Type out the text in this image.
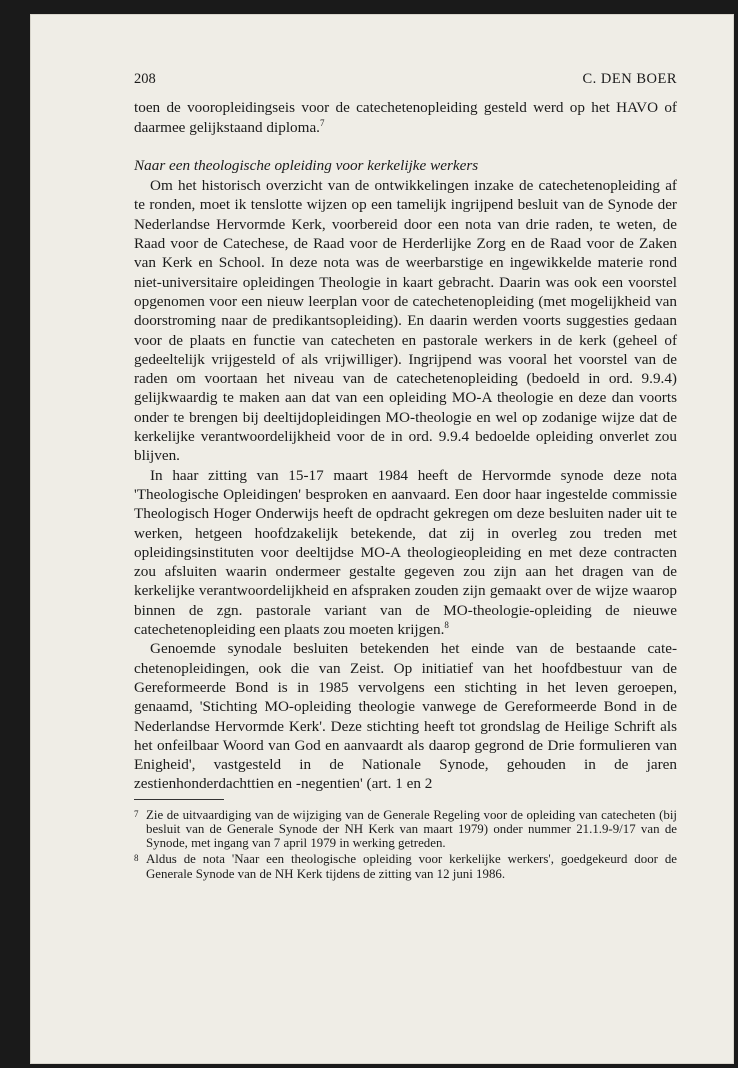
208	C. DEN BOER

toen de vooropleidingseis voor de catechetenopleiding gesteld werd op het HAVO of daarmee gelijkstaand diploma.$^7$

Naar een theologische opleiding voor kerkelijke werkers

Om het historisch overzicht van de ontwikkelingen inzake de catechetenopleiding af te ronden, moet ik tenslotte wijzen op een tamelijk ingrijpend besluit van de Synode der Nederlandse Hervormde Kerk, voorbereid door een nota van drie raden, te weten, de Raad voor de Catechese, de Raad voor de Herderlijke Zorg en de Raad voor de Zaken van Kerk en School. In deze nota was de weerbarstige en ingewikkelde materie rond niet-universitaire opleidingen Theologie in kaart gebracht. Daarin was ook een voorstel opgenomen voor een nieuw leerplan voor de catechetenopleiding (met mogelijkheid van doorstroming naar de predikantsopleiding). En daarin werden voorts suggesties gedaan voor de plaats en functie van catecheten en pastorale werkers in de kerk (geheel of gedeeltelijk vrijgesteld of als vrijwilliger). Ingrijpend was vooral het voorstel van de raden om voortaan het niveau van de catechetenopleiding (bedoeld in ord. 9.9.4) gelijkwaardig te maken aan dat van een opleiding MO-A theologie en deze dan voorts onder te brengen bij deeltijdopleidingen MO-theologie en wel op zodanige wijze dat de kerkelijke verantwoordelijkheid voor de in ord. 9.9.4 bedoelde opleiding onverlet zou blijven.

In haar zitting van 15-17 maart 1984 heeft de Hervormde synode deze nota 'Theologische Opleidingen' besproken en aanvaard. Een door haar ingestelde commissie Theologisch Hoger Onderwijs heeft de opdracht gekregen om deze besluiten nader uit te werken, hetgeen hoofdzakelijk betekende, dat zij in overleg zou treden met opleidingsinstituten voor deeltijdse MO-A theologieopleiding en met deze contracten zou afsluiten waarin ondermeer gestalte gegeven zou zijn aan het dragen van de kerkelijke verantwoordelijkheid en afspraken zouden zijn gemaakt over de wijze waarop binnen de zgn. pastorale variant van de MO-theologie-opleiding de nieuwe catechetenopleiding een plaats zou moeten krijgen.$^8$

Genoemde synodale besluiten betekenden het einde van de bestaande catechetenopleidingen, ook die van Zeist. Op initiatief van het hoofdbestuur van de Gereformeerde Bond is in 1985 vervolgens een stichting in het leven geroepen, genaamd, 'Stichting MO-opleiding theologie vanwege de Gereformeerde Bond in de Nederlandse Hervormde Kerk'. Deze stichting heeft tot grondslag de Heilige Schrift als het onfeilbaar Woord van God en aanvaardt als daarop gegrond de Drie formulieren van Enigheid', vastgesteld in de Nationale Synode, gehouden in de jaren zestienhonderdachttien en -negentien' (art. 1 en 2

7 Zie de uitvaardiging van de wijziging van de Generale Regeling voor de opleiding van catecheten (bij besluit van de Generale Synode der NH Kerk van maart 1979) onder nummer 21.1.9-9/17 van de Synode, met ingang van 7 april 1979 in werking getreden.
8 Aldus de nota 'Naar een theologische opleiding voor kerkelijke werkers', goedgekeurd door de Generale Synode van de NH Kerk tijdens de zitting van 12 juni 1986.
